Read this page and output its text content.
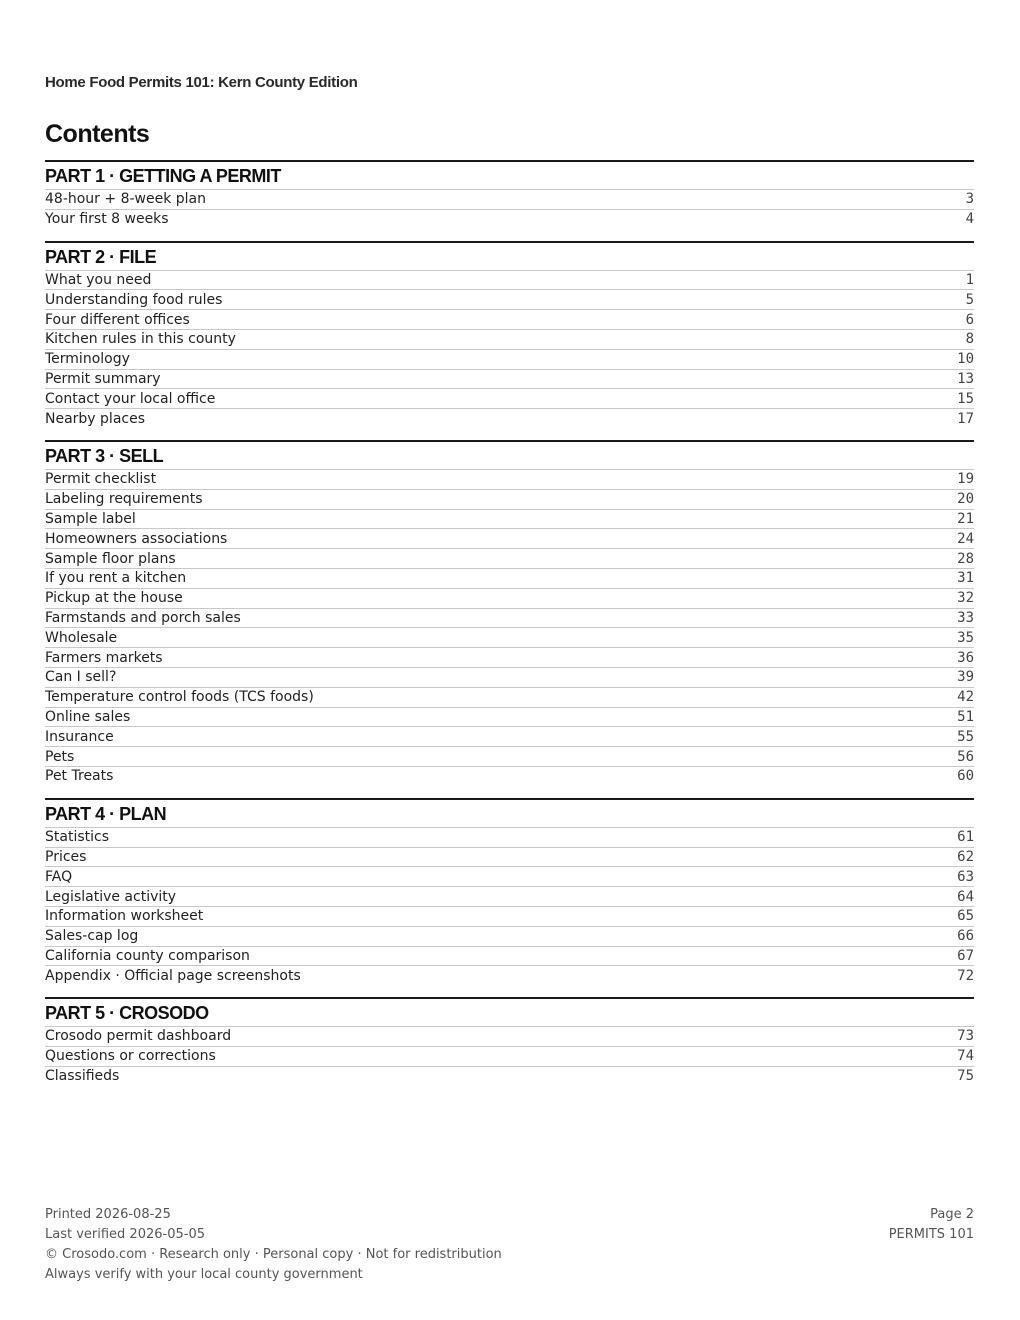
Home Food Permits 101: Kern County Edition
Contents
PART 1 · GETTING A PERMIT
48-hour + 8-week plan	3
Your first 8 weeks	4
PART 2 · FILE
What you need	1
Understanding food rules	5
Four different offices	6
Kitchen rules in this county	8
Terminology	10
Permit summary	13
Contact your local office	15
Nearby places	17
PART 3 · SELL
Permit checklist	19
Labeling requirements	20
Sample label	21
Homeowners associations	24
Sample floor plans	28
If you rent a kitchen	31
Pickup at the house	32
Farmstands and porch sales	33
Wholesale	35
Farmers markets	36
Can I sell?	39
Temperature control foods (TCS foods)	42
Online sales	51
Insurance	55
Pets	56
Pet Treats	60
PART 4 · PLAN
Statistics	61
Prices	62
FAQ	63
Legislative activity	64
Information worksheet	65
Sales-cap log	66
California county comparison	67
Appendix · Official page screenshots	72
PART 5 · CROSODO
Crosodo permit dashboard	73
Questions or corrections	74
Classifieds	75
Printed 2026-08-25
Last verified 2026-05-05
© Crosodo.com · Research only · Personal copy · Not for redistribution
Always verify with your local county government
Page 2
PERMITS 101
